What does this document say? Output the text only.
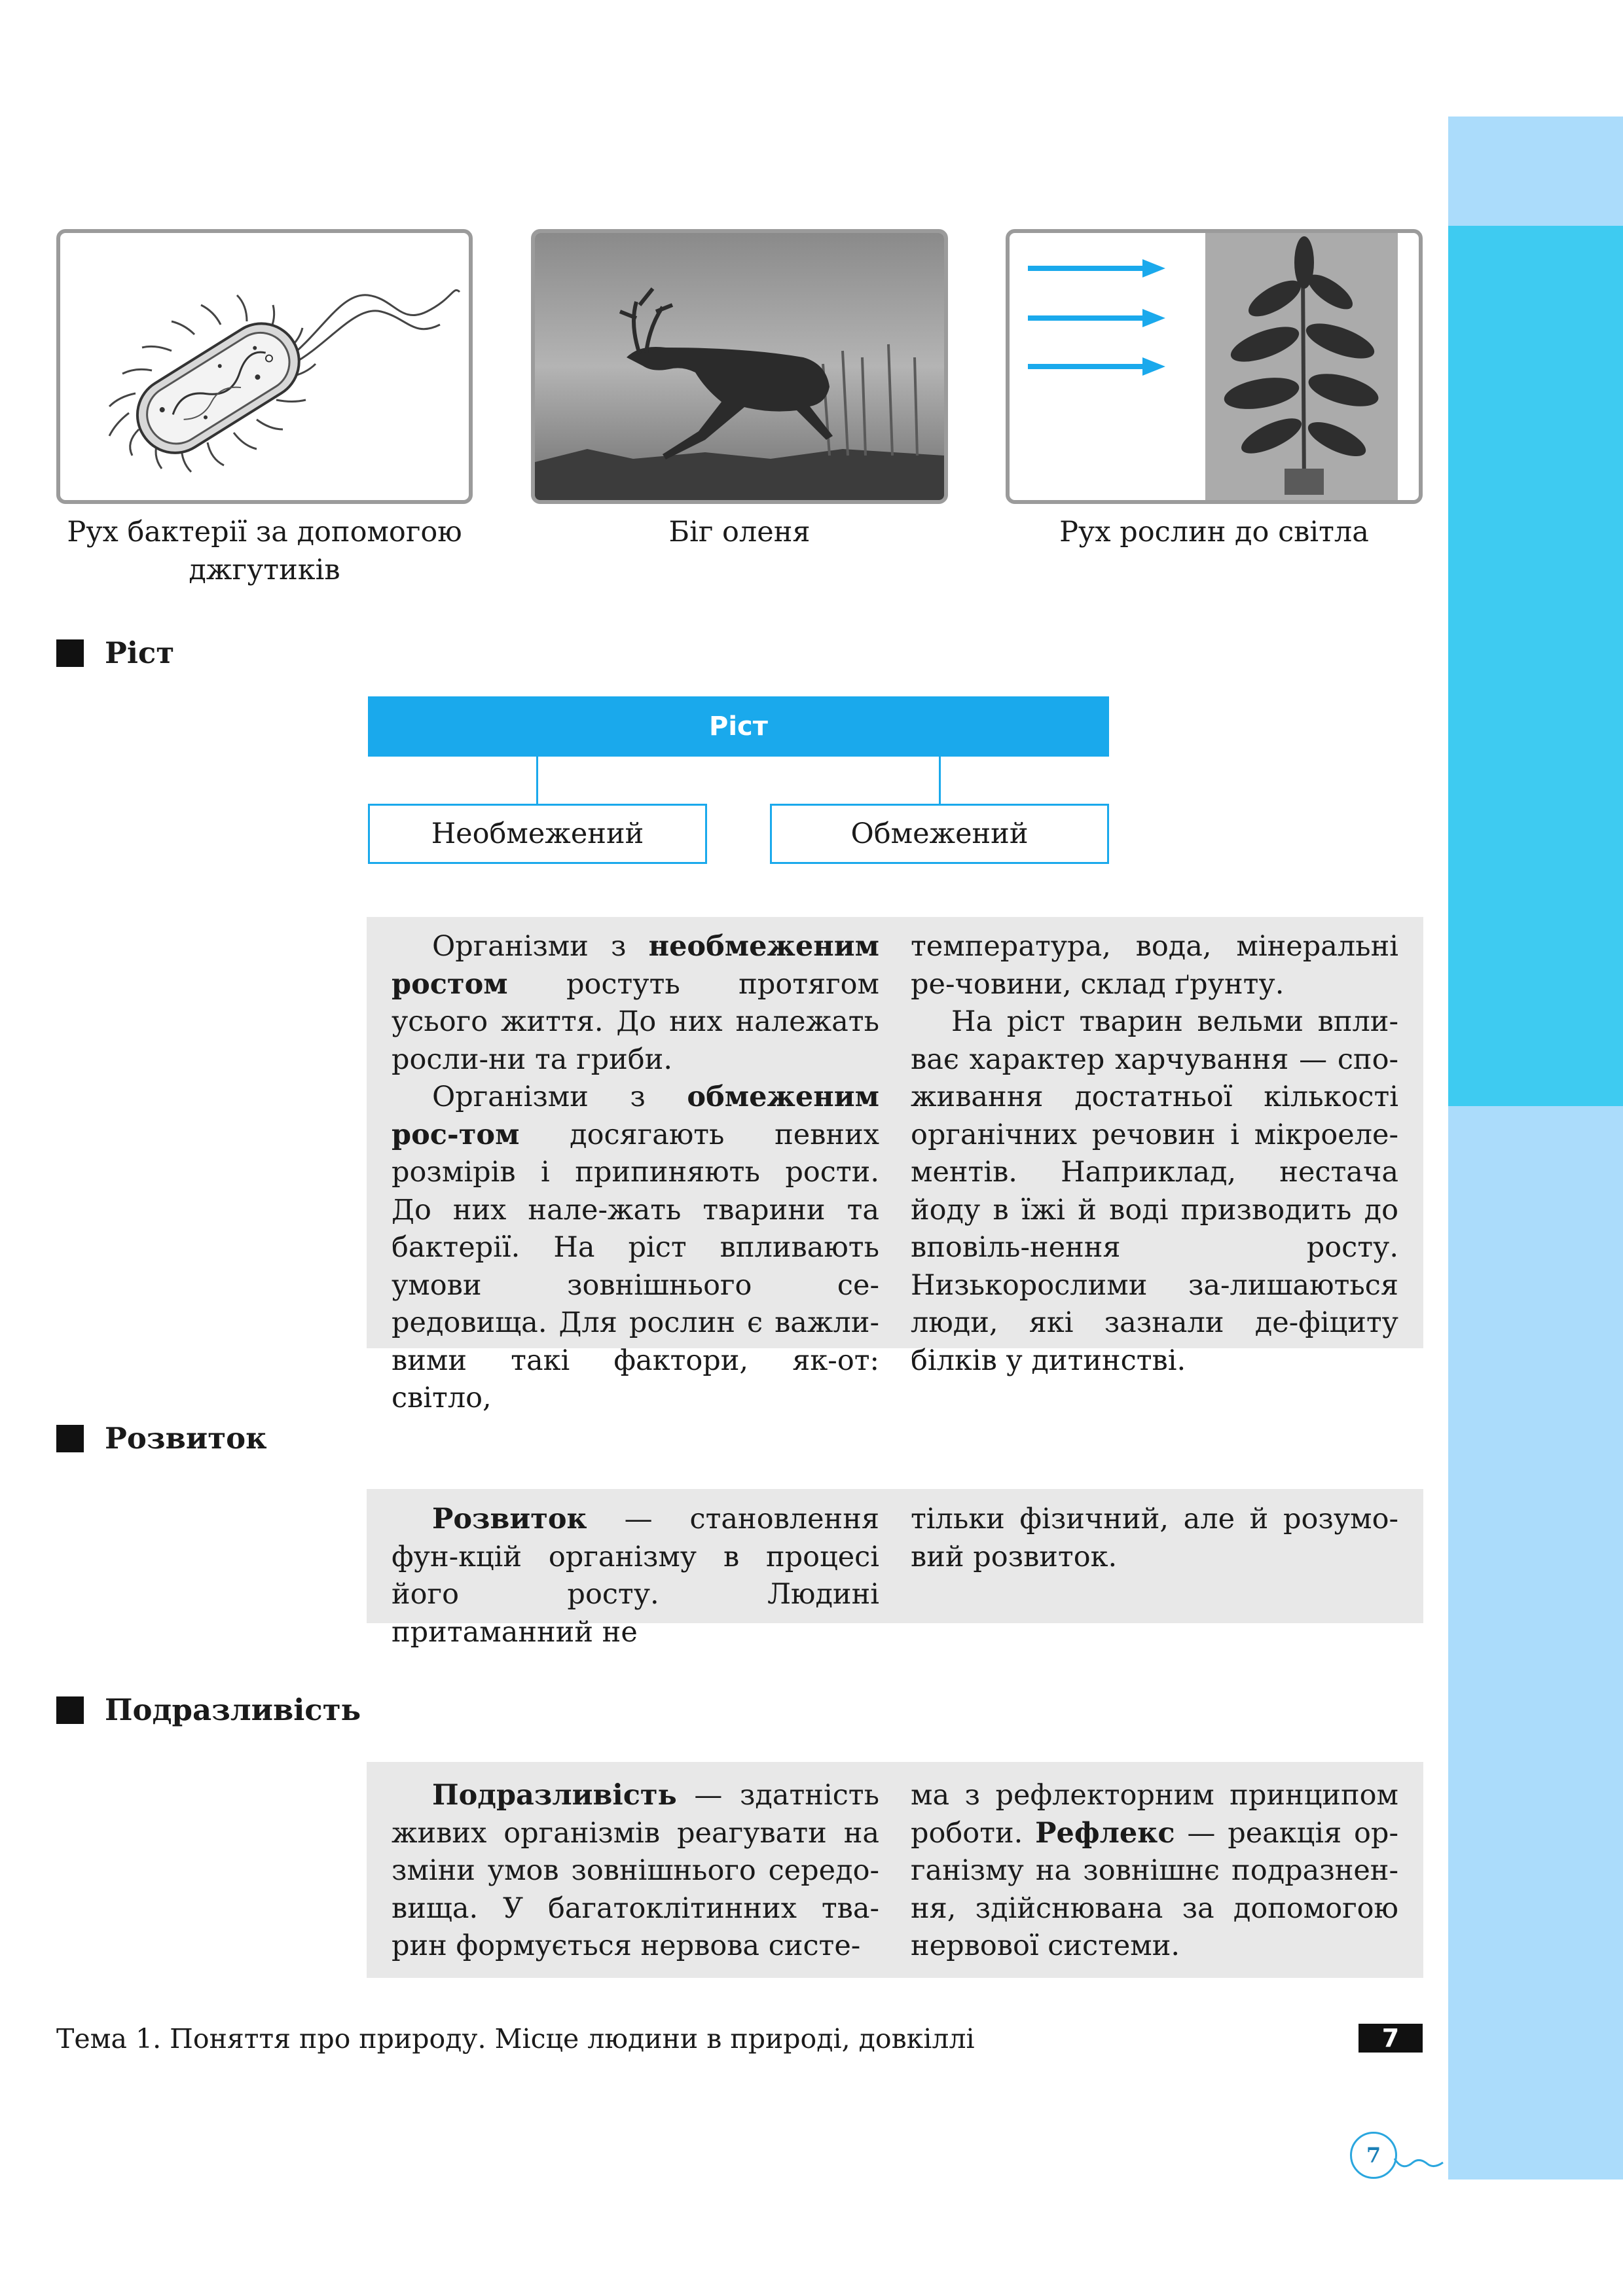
Рух бактерії за допомогою джгутиків
Біг оленя	Рух рослин до світла
Ріст
Ріст
Необмежений	Обмежений

Організми з необмеженим ростом ростуть протягом усього життя. До них належать росли-ни та гриби.

Організми з обмеженим рос-том досягають певних розмірів і припиняють рости. До них нале-жать тварини та бактерії. На ріст впливають умови зовнішнього се-редовища. Для рослин є важли-вими такі фактори, як-от: світло,

температура, вода, мінеральні ре-човини, склад ґрунту.

На ріст тварин вельми впли-ває характер харчування — спо-живання достатньої кількості органічних речовин і мікроеле-ментів. Наприклад, нестача йоду в їжі й воді призводить до вповіль-нення росту. Низькорослими за-лишаються люди, які зазнали де-фіциту білків у дитинстві.

Розвиток

Розвиток — становлення фун-кцій організму в процесі його росту. Людині притаманний не

тільки фізичний, але й розумо-вий розвиток.

Подразливість

Подразливість — здатність живих організмів реагувати на зміни умов зовнішнього середо-вища. У багатоклітинних тва-рин формується нервова систе-

ма з рефлекторним принципом роботи. Рефлекс — реакція ор-ганізму на зовнішнє подразнен-ня, здійснювана за допомогою нервової системи.

Тема 1. Поняття про природу. Місце людини в природі, довкіллі	7
7
